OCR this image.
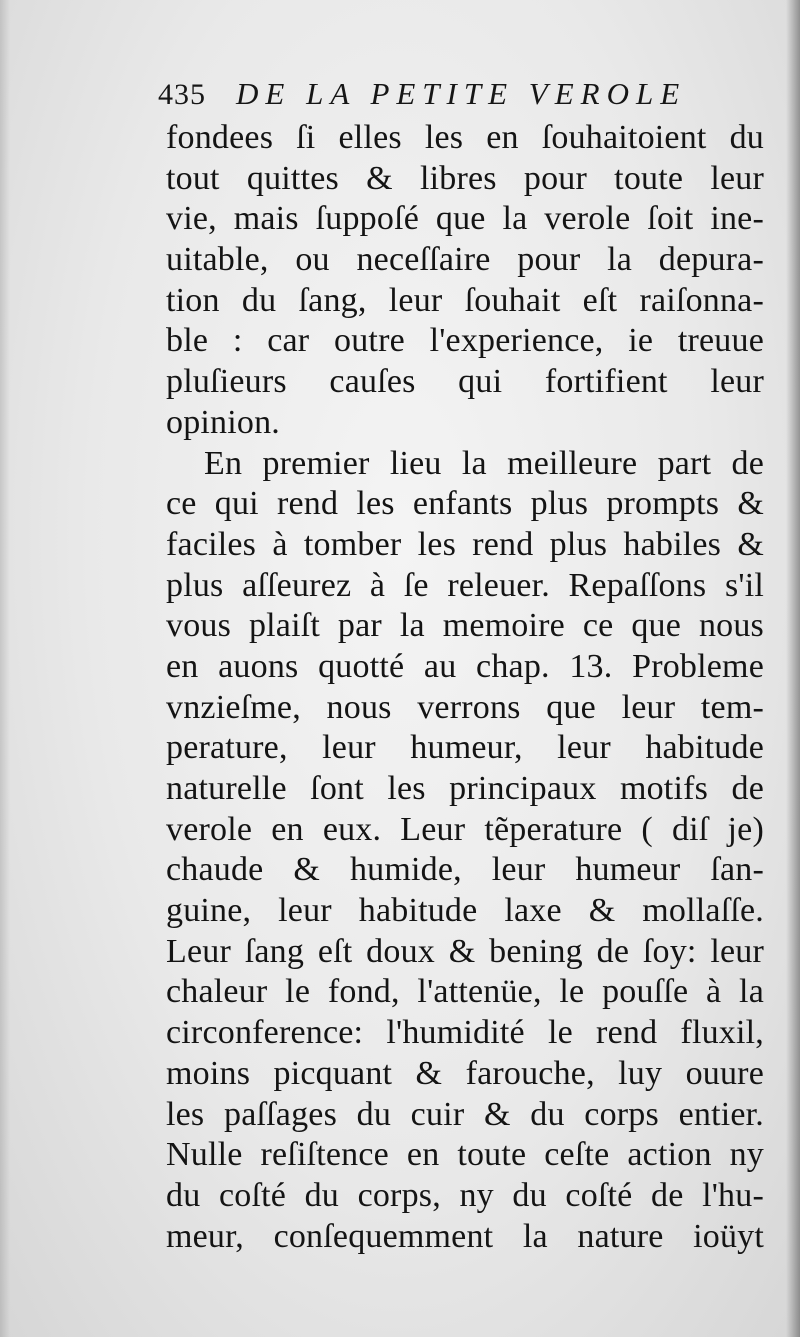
435 DE LA PETITE VEROLE
fondees ſi elles les en ſouhaitoient du
tout quittes & libres pour toute leur
vie, mais ſuppoſé que la verole ſoit ine-
uitable, ou neceſſaire pour la depura-
tion du ſang, leur ſouhait eſt raiſonna-
ble : car outre l'experience, ie treuue
pluſieurs cauſes qui fortifient leur
opinion.
En premier lieu la meilleure part de
ce qui rend les enfants plus prompts &
faciles à tomber les rend plus habiles &
plus aſſeurez à ſe releuer. Repaſſons s'il
vous plaiſt par la memoire ce que nous
en auons quotté au chap. 13. Probleme
vnzieſme, nous verrons que leur tem-
perature, leur humeur, leur habitude
naturelle ſont les principaux motifs de
verole en eux. Leur tẽperature ( diſ je)
chaude & humide, leur humeur ſan-
guine, leur habitude laxe & mollaſſe.
Leur ſang eſt doux & bening de ſoy: leur
chaleur le fond, l'attenüe, le pouſſe à la
circonference: l'humidité le rend fluxil,
moins picquant & farouche, luy ouure
les paſſages du cuir & du corps entier.
Nulle reſiſtence en toute ceſte action ny
du coſté du corps, ny du coſté de l'hu-
meur, conſequemment la nature ioüyt
